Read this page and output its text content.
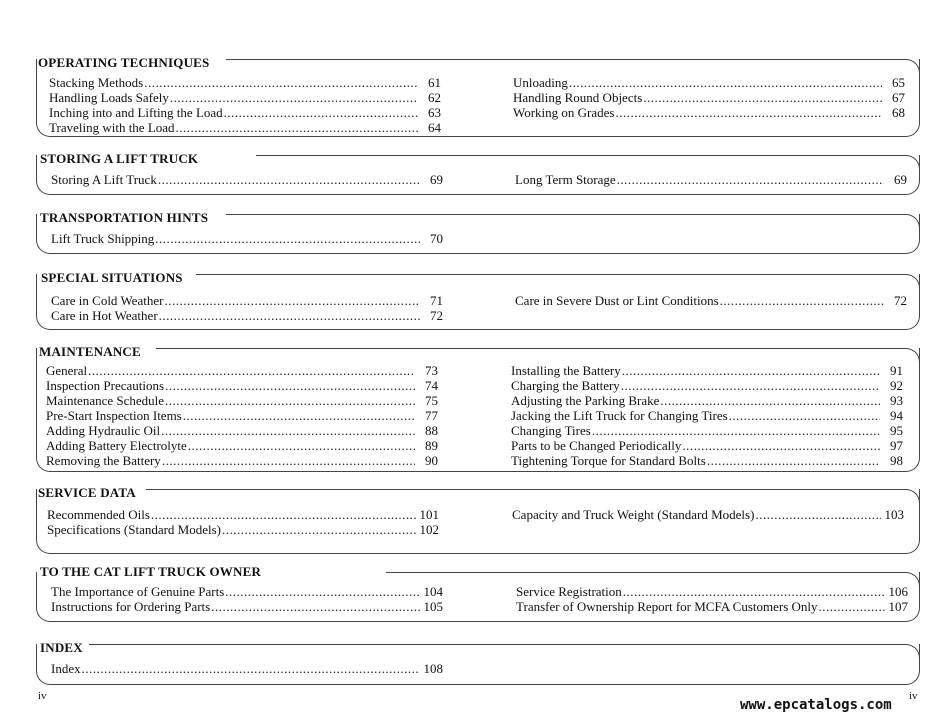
OPERATING TECHNIQUES
Stacking Methods .....	61
Handling Loads Safely .....	62
Inching into and Lifting the Load .....	63
Traveling with the Load .....	64
Unloading .....	65
Handling Round Objects .....	67
Working on Grades .....	68
STORING A LIFT TRUCK
Storing A Lift Truck .....	69	Long Term Storage .....	69
TRANSPORTATION HINTS
Lift Truck Shipping .....	70
SPECIAL SITUATIONS
Care in Cold Weather .....	71
Care in Hot Weather .....	72
Care in Severe Dust or Lint Conditions .....	72
MAINTENANCE
General .....	73
Inspection Precautions .....	74
Maintenance Schedule .....	75
Pre-Start Inspection Items .....	77
Adding Hydraulic Oil .....	88
Adding Battery Electrolyte .....	89
Removing the Battery .....	90
Installing the Battery .....	91
Charging the Battery .....	92
Adjusting the Parking Brake .....	93
Jacking the Lift Truck for Changing Tires .....	94
Changing Tires .....	95
Parts to be Changed Periodically .....	97
Tightening Torque for Standard Bolts .....	98
SERVICE DATA
Recommended Oils .....	101
Specifications (Standard Models) .....	102
Capacity and Truck Weight (Standard Models) .....	103
TO THE CAT LIFT TRUCK OWNER
The Importance of Genuine Parts .....	104
Instructions for Ordering Parts .....	105
Service Registration .....	106
Transfer of Ownership Report for MCFA Customers Only .....	107
INDEX
Index .....	108
iv
www.epcatalogs.com
iv
